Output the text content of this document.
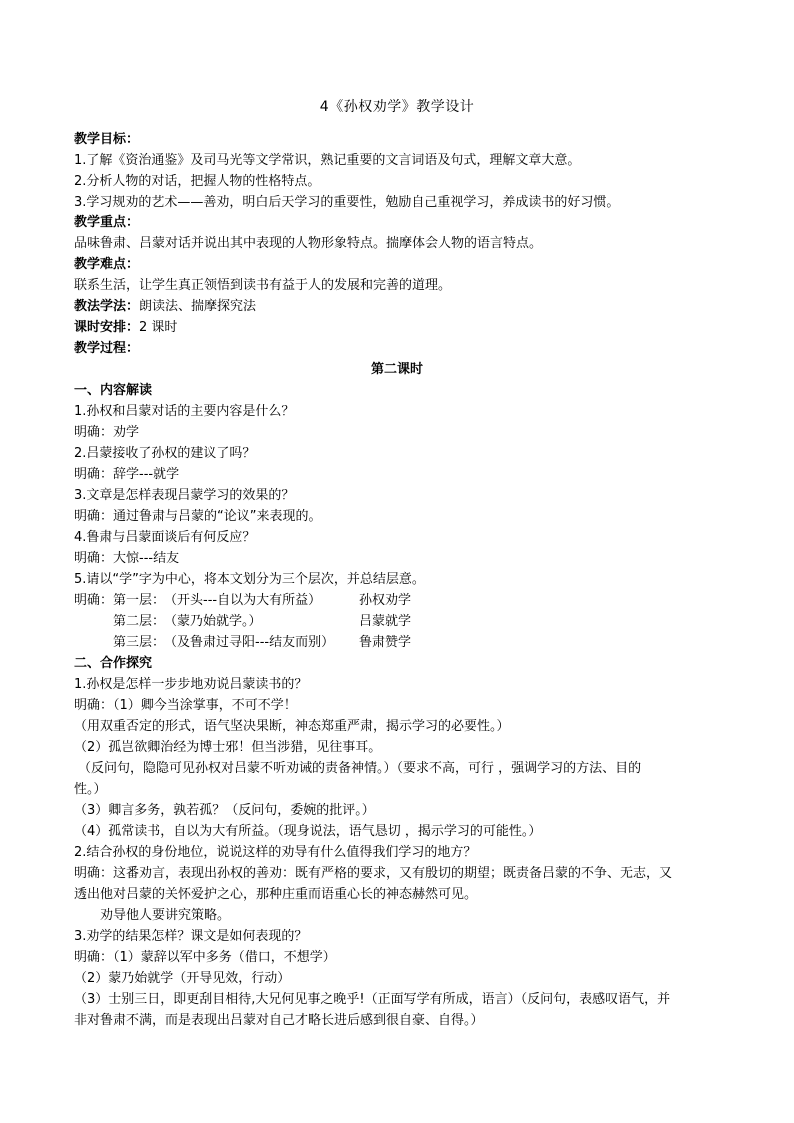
4《孙权劝学》教学设计
教学目标：
1.了解《资治通鉴》及司马光等文学常识，熟记重要的文言词语及句式，理解文章大意。
2.分析人物的对话，把握人物的性格特点。
3.学习规劝的艺术——善劝，明白后天学习的重要性，勉励自己重视学习，养成读书的好习惯。
教学重点：
品味鲁肃、吕蒙对话并说出其中表现的人物形象特点。揣摩体会人物的语言特点。
教学难点：
联系生活，让学生真正领悟到读书有益于人的发展和完善的道理。
教法学法：朗读法、揣摩探究法
课时安排：2 课时
教学过程：
第二课时
一、内容解读
1.孙权和吕蒙对话的主要内容是什么？
明确：劝学
2.吕蒙接收了孙权的建议了吗？
明确：辞学---就学
3.文章是怎样表现吕蒙学习的效果的？
明确：通过鲁肃与吕蒙的“论议”来表现的。
4.鲁肃与吕蒙面谈后有何反应？
明确：大惊---结友
5.请以“学”字为中心，将本文划分为三个层次，并总结层意。
明确：第一层：
（开头---自以为大有所益）	孙权劝学
第二层：
（蒙乃始就学。）	吕蒙就学
第三层：
（及鲁肃过寻阳---结友而别） 鲁肃赞学
二、合作探究
1.孙权是怎样一步步地劝说吕蒙读书的？
明确：（1）卿今当涂掌事，不可不学！
（用双重否定的形式，语气坚决果断，神态郑重严肃，揭示学习的必要性。）
（2）孤岂欲卿治经为博士邪！但当涉猎，见往事耳。
（反问句，隐隐可见孙权对吕蒙不听劝诫的责备神情。）（要求不高，可行 ，强调学习的方法、目的
性。）
（3）卿言多务，孰若孤？（反问句，委婉的批评。）
（4）孤常读书，自以为大有所益。（现身说法，语气恳切 ，揭示学习的可能性。）
2.结合孙权的身份地位，说说这样的劝导有什么值得我们学习的地方？
明确：这番劝言，表现出孙权的善劝：既有严格的要求，又有殷切的期望；既责备吕蒙的不争、无志，又
透出他对吕蒙的关怀爱护之心，那种庄重而语重心长的神态赫然可见。
劝导他人要讲究策略。
3.劝学的结果怎样？课文是如何表现的？
明确：（1）蒙辞以军中多务（借口，不想学）
（2）蒙乃始就学（开导见效，行动）
（3）士别三日，即更刮目相待,大兄何见事之晚乎!（正面写学有所成，语言）（反问句，表感叹语气，并
非对鲁肃不满，而是表现出吕蒙对自己才略长进后感到很自豪、自得。）
